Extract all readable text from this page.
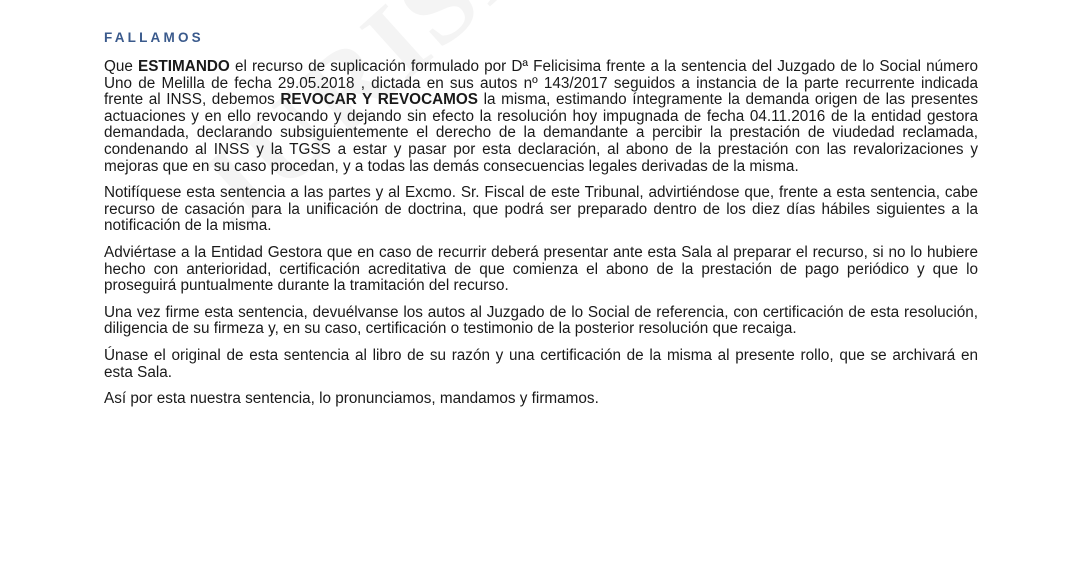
FALLAMOS

Que ESTIMANDO el recurso de suplicación formulado por Dª Felicisima frente a la sentencia del Juzgado de lo Social número Uno de Melilla de fecha 29.05.2018 , dictada en sus autos nº 143/2017 seguidos a instancia de la parte recurrente indicada frente al INSS, debemos REVOCAR Y REVOCAMOS la misma, estimando íntegramente la demanda origen de las presentes actuaciones y en ello revocando y dejando sin efecto la resolución hoy impugnada de fecha 04.11.2016 de la entidad gestora demandada, declarando subsiguientemente el derecho de la demandante a percibir la prestación de viudedad reclamada, condenando al INSS y la TGSS a estar y pasar por esta declaración, al abono de la prestación con las revalorizaciones y mejoras que en su caso procedan, y a todas las demás consecuencias legales derivadas de la misma.

Notifíquese esta sentencia a las partes y al Excmo. Sr. Fiscal de este Tribunal, advirtiéndose que, frente a esta sentencia, cabe recurso de casación para la unificación de doctrina, que podrá ser preparado dentro de los diez días hábiles siguientes a la notificación de la misma.

Adviértase a la Entidad Gestora que en caso de recurrir deberá presentar ante esta Sala al preparar el recurso, si no lo hubiere hecho con anterioridad, certificación acreditativa de que comienza el abono de la prestación de pago periódico y que lo proseguirá puntualmente durante la tramitación del recurso.

Una vez firme esta sentencia, devuélvanse los autos al Juzgado de lo Social de referencia, con certificación de esta resolución, diligencia de su firmeza y, en su caso, certificación o testimonio de la posterior resolución que recaiga.

Únase el original de esta sentencia al libro de su razón y una certificación de la misma al presente rollo, que se archivará en esta Sala.

Así por esta nuestra sentencia, lo pronunciamos, mandamos y firmamos.
